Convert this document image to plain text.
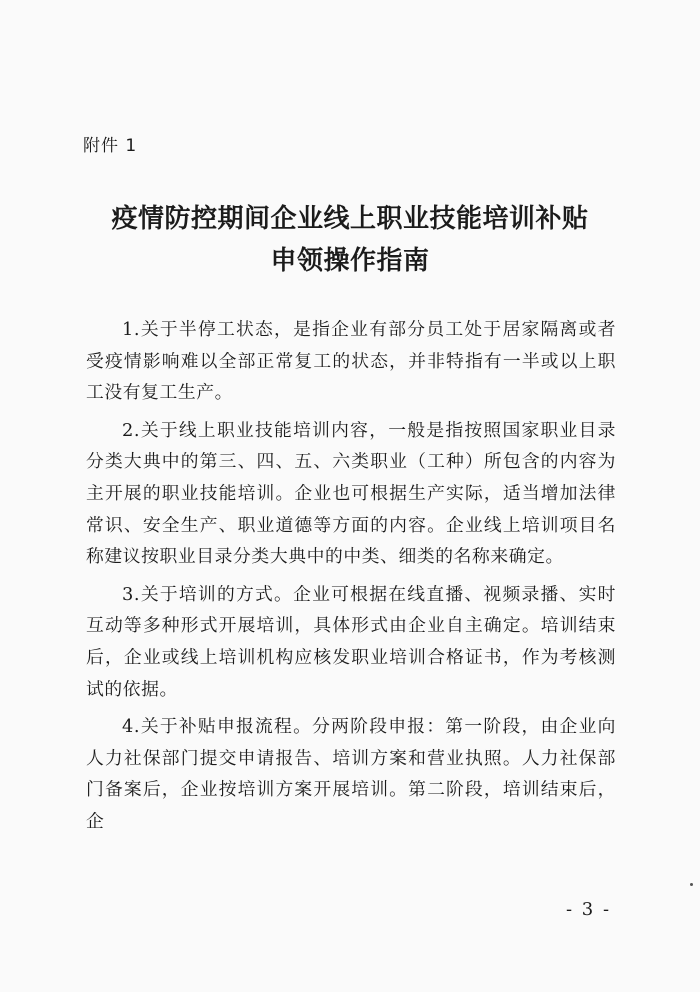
附件 1
疫情防控期间企业线上职业技能培训补贴
申领操作指南

1.关于半停工状态，是指企业有部分员工处于居家隔离或者受疫情影响难以全部正常复工的状态，并非特指有一半或以上职工没有复工生产。

2.关于线上职业技能培训内容，一般是指按照国家职业目录分类大典中的第三、四、五、六类职业（工种）所包含的内容为主开展的职业技能培训。企业也可根据生产实际，适当增加法律常识、安全生产、职业道德等方面的内容。企业线上培训项目名称建议按职业目录分类大典中的中类、细类的名称来确定。

3.关于培训的方式。企业可根据在线直播、视频录播、实时互动等多种形式开展培训，具体形式由企业自主确定。培训结束后，企业或线上培训机构应核发职业培训合格证书，作为考核测试的依据。

4.关于补贴申报流程。分两阶段申报：第一阶段，由企业向人力社保部门提交申请报告、培训方案和营业执照。人力社保部门备案后，企业按培训方案开展培训。第二阶段，培训结束后，企

- 3 -
